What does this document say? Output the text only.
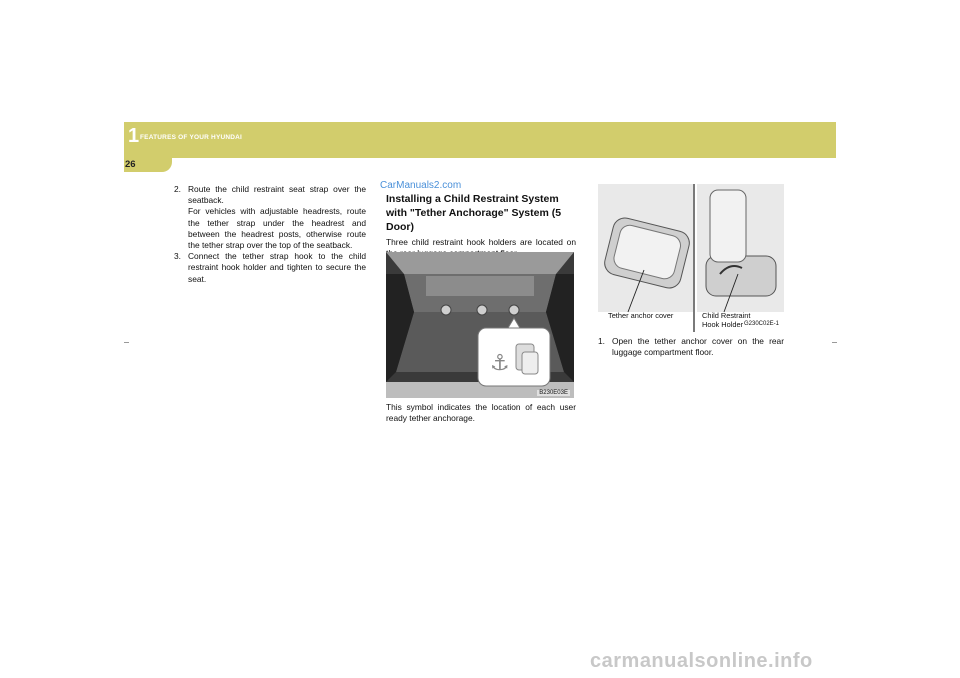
1 FEATURES OF YOUR HYUNDAI
26
2. Route the child restraint seat strap over the seatback.
For vehicles with adjustable headrests, route the tether strap under the headrest and between the headrest posts, otherwise route the tether strap over the top of the seatback.
3. Connect the tether strap hook to the child restraint hook holder and tighten to secure the seat.
CarManuals2.com
Installing a Child Restraint System with "Tether Anchorage" System (5 Door)
Three child restraint hook holders are located on
⚓
B230E03E
This symbol indicates the location of each user ready tether anchorage.
Tether anchor cover	Child Restraint Hook Holder G230C02E-1
1. Open the tether anchor cover on the rear luggage compartment floor.
carmanualsonline.info
